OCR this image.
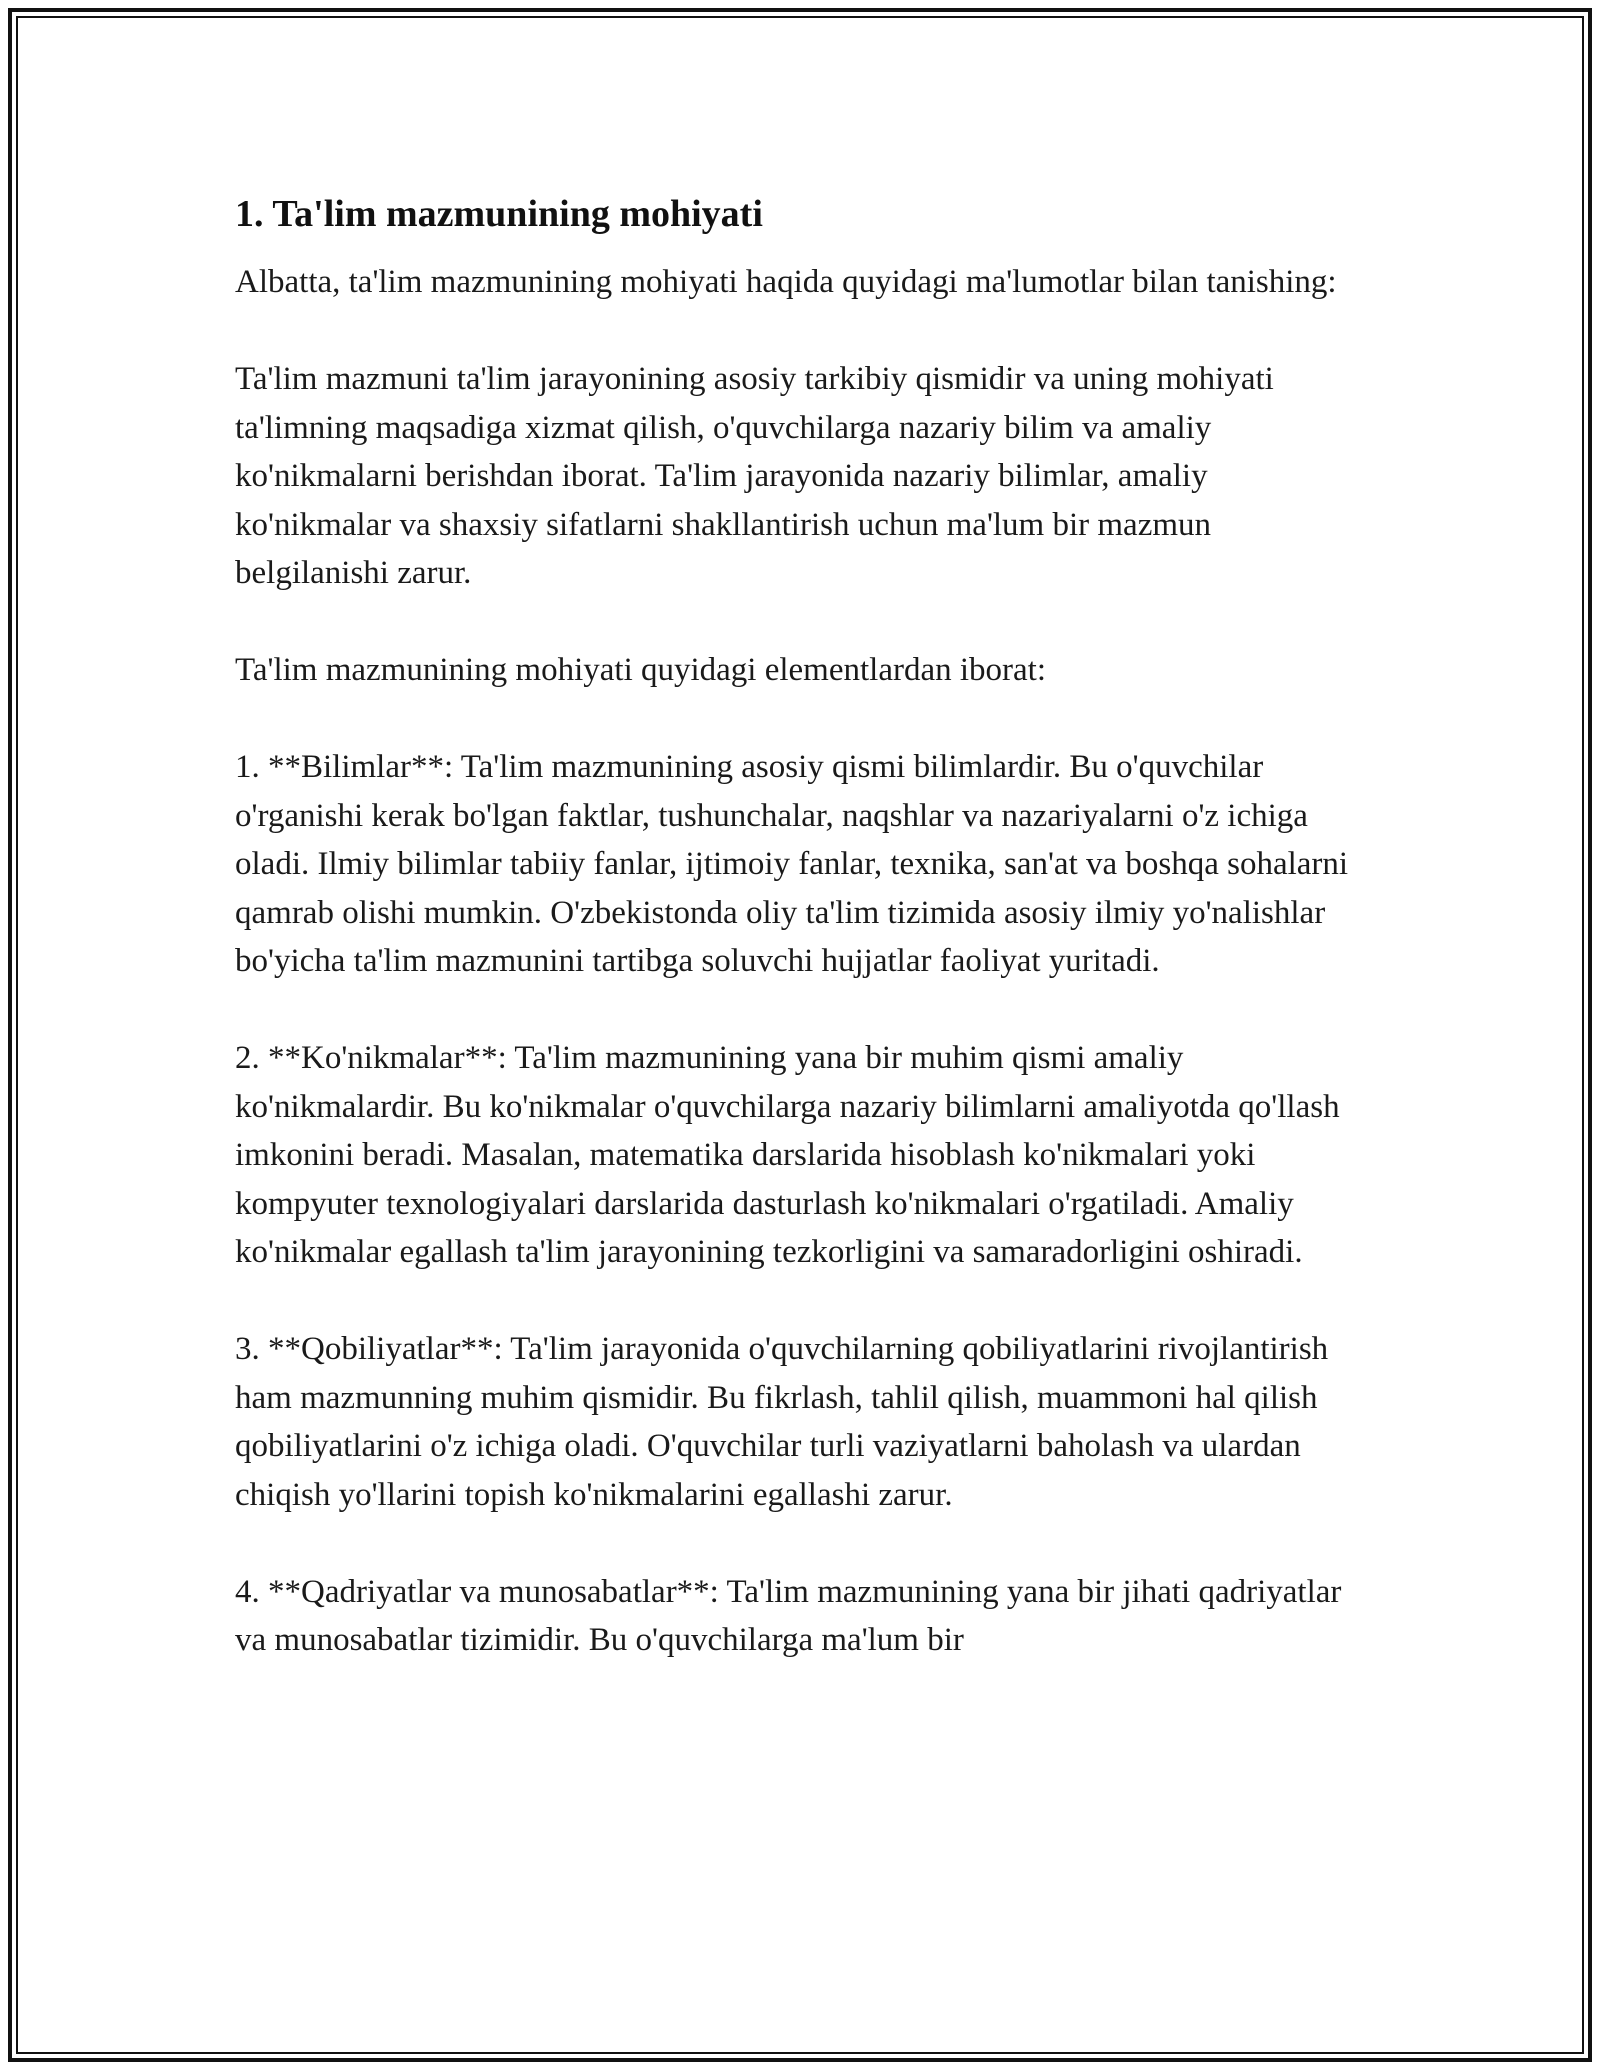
1. Ta'lim mazmunining mohiyati

Albatta, ta'lim mazmunining mohiyati haqida quyidagi ma'lumotlar bilan tanishing:

Ta'lim mazmuni ta'lim jarayonining asosiy tarkibiy qismidir va uning mohiyati ta'limning maqsadiga xizmat qilish, o'quvchilarga nazariy bilim va amaliy ko'nikmalarni berishdan iborat. Ta'lim jarayonida nazariy bilimlar, amaliy ko'nikmalar va shaxsiy sifatlarni shakllantirish uchun ma'lum bir mazmun belgilanishi zarur.

Ta'lim mazmunining mohiyati quyidagi elementlardan iborat:

1. **Bilimlar**: Ta'lim mazmunining asosiy qismi bilimlardir. Bu o'quvchilar o'rganishi kerak bo'lgan faktlar, tushunchalar, naqshlar va nazariyalarni o'z ichiga oladi. Ilmiy bilimlar tabiiy fanlar, ijtimoiy fanlar, texnika, san'at va boshqa sohalarni qamrab olishi mumkin. O'zbekistonda oliy ta'lim tizimida asosiy ilmiy yo'nalishlar bo'yicha ta'lim mazmunini tartibga soluvchi hujjatlar faoliyat yuritadi.

2. **Ko'nikmalar**: Ta'lim mazmunining yana bir muhim qismi amaliy ko'nikmalardir. Bu ko'nikmalar o'quvchilarga nazariy bilimlarni amaliyotda qo'llash imkonini beradi. Masalan, matematika darslarida hisoblash ko'nikmalari yoki kompyuter texnologiyalari darslarida dasturlash ko'nikmalari o'rgatiladi. Amaliy ko'nikmalar egallash ta'lim jarayonining tezkorligini va samaradorligini oshiradi.

3. **Qobiliyatlar**: Ta'lim jarayonida o'quvchilarning qobiliyatlarini rivojlantirish ham mazmunning muhim qismidir. Bu fikrlash, tahlil qilish, muammoni hal qilish qobiliyatlarini o'z ichiga oladi. O'quvchilar turli vaziyatlarni baholash va ulardan chiqish yo'llarini topish ko'nikmalarini egallashi zarur.

4. **Qadriyatlar va munosabatlar**: Ta'lim mazmunining yana bir jihati qadriyatlar va munosabatlar tizimidir. Bu o'quvchilarga ma'lum bir
